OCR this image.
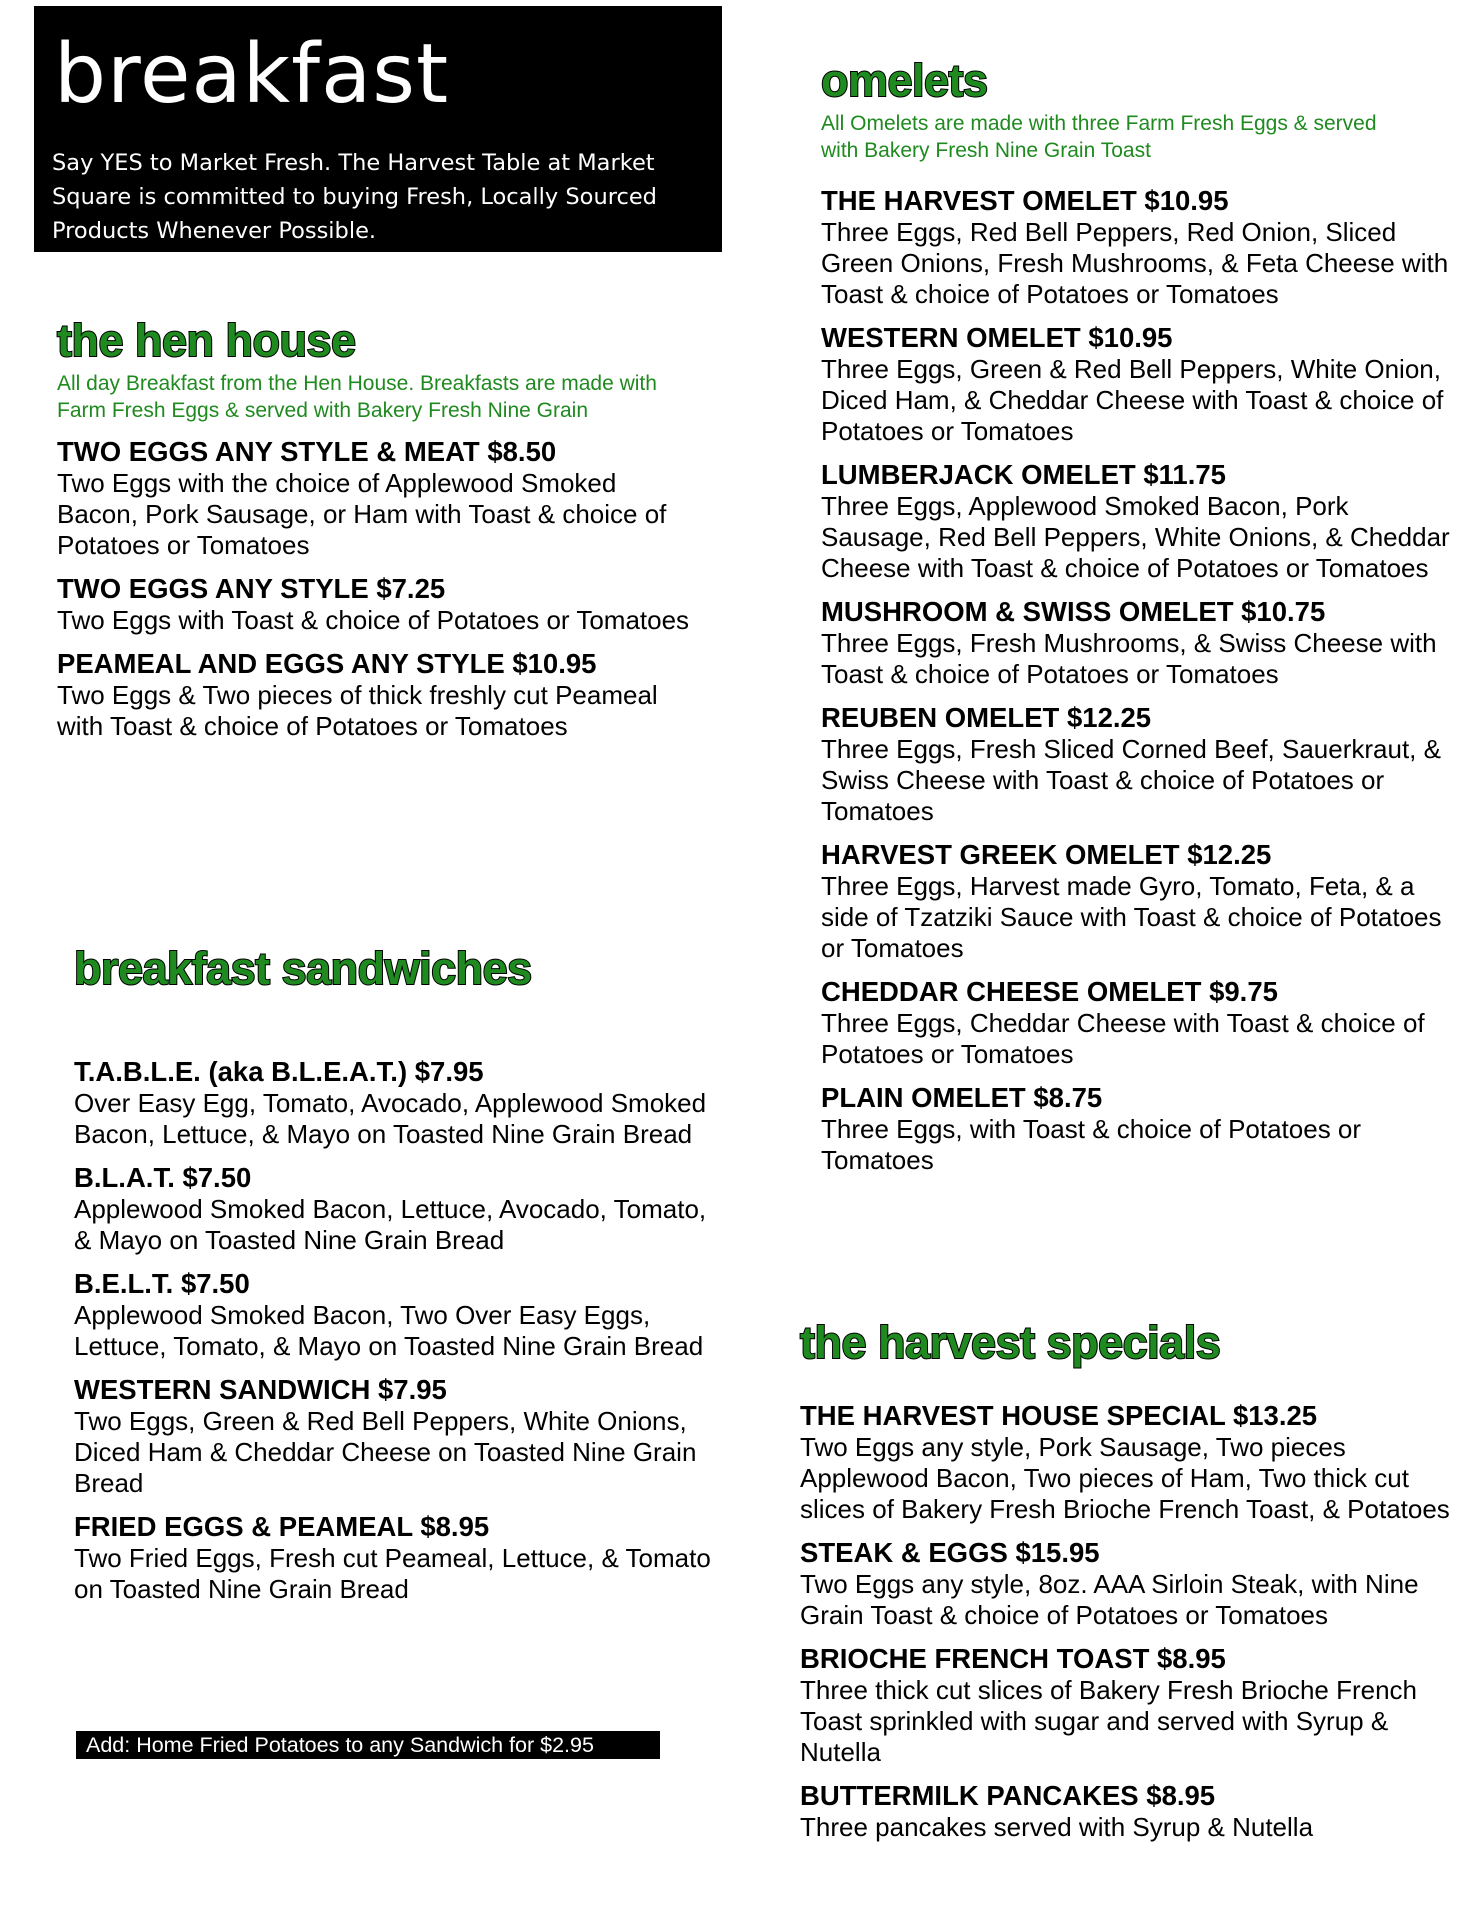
breakfast
Say YES to Market Fresh. The Harvest Table at Market Square is committed to buying Fresh, Locally Sourced Products Whenever Possible.
the hen house
All day Breakfast from the Hen House. Breakfasts are made with Farm Fresh Eggs & served with Bakery Fresh Nine Grain
TWO EGGS ANY STYLE & MEAT $8.50
Two Eggs with the choice of Applewood Smoked Bacon, Pork Sausage, or Ham with Toast & choice of Potatoes or Tomatoes
TWO EGGS ANY STYLE $7.25
Two Eggs with Toast & choice of Potatoes or Tomatoes
PEAMEAL AND EGGS ANY STYLE $10.95
Two Eggs & Two pieces of thick freshly cut Peameal with Toast & choice of Potatoes or Tomatoes
breakfast sandwiches
T.A.B.L.E. (aka B.L.E.A.T.) $7.95
Over Easy Egg, Tomato, Avocado, Applewood Smoked Bacon, Lettuce, & Mayo on Toasted Nine Grain Bread
B.L.A.T. $7.50
Applewood Smoked Bacon, Lettuce, Avocado, Tomato, & Mayo on Toasted Nine Grain Bread
B.E.L.T. $7.50
Applewood Smoked Bacon, Two Over Easy Eggs, Lettuce, Tomato, & Mayo on Toasted Nine Grain Bread
WESTERN SANDWICH $7.95
Two Eggs, Green & Red Bell Peppers, White Onions, Diced Ham & Cheddar Cheese on Toasted Nine Grain Bread
FRIED EGGS & PEAMEAL $8.95
Two Fried Eggs, Fresh cut Peameal, Lettuce, & Tomato on Toasted Nine Grain Bread
Add: Home Fried Potatoes to any Sandwich for $2.95
omelets
All Omelets are made with three Farm Fresh Eggs & served with Bakery Fresh Nine Grain Toast
THE HARVEST OMELET $10.95
Three Eggs, Red Bell Peppers, Red Onion, Sliced Green Onions, Fresh Mushrooms, & Feta Cheese with Toast & choice of Potatoes or Tomatoes
WESTERN OMELET $10.95
Three Eggs, Green & Red Bell Peppers, White Onion, Diced Ham, & Cheddar Cheese with Toast & choice of Potatoes or Tomatoes
LUMBERJACK OMELET $11.75
Three Eggs, Applewood Smoked Bacon, Pork Sausage, Red Bell Peppers, White Onions, & Cheddar Cheese with Toast & choice of Potatoes or Tomatoes
MUSHROOM & SWISS OMELET $10.75
Three Eggs, Fresh Mushrooms, & Swiss Cheese with Toast & choice of Potatoes or Tomatoes
REUBEN OMELET $12.25
Three Eggs, Fresh Sliced Corned Beef, Sauerkraut, & Swiss Cheese with Toast & choice of Potatoes or Tomatoes
HARVEST GREEK OMELET $12.25
Three Eggs, Harvest made Gyro, Tomato, Feta, & a side of Tzatziki Sauce with Toast & choice of Potatoes or Tomatoes
CHEDDAR CHEESE OMELET $9.75
Three Eggs, Cheddar Cheese with Toast & choice of Potatoes or Tomatoes
PLAIN OMELET $8.75
Three Eggs, with Toast & choice of Potatoes or Tomatoes
the harvest specials
THE HARVEST HOUSE SPECIAL $13.25
Two Eggs any style, Pork Sausage, Two pieces Applewood Bacon, Two pieces of Ham, Two thick cut slices of Bakery Fresh Brioche French Toast, & Potatoes
STEAK & EGGS $15.95
Two Eggs any style, 8oz. AAA Sirloin Steak, with Nine Grain Toast & choice of Potatoes or Tomatoes
BRIOCHE FRENCH TOAST $8.95
Three thick cut slices of Bakery Fresh Brioche French Toast sprinkled with sugar and served with Syrup & Nutella
BUTTERMILK PANCAKES $8.95
Three pancakes served with Syrup & Nutella
